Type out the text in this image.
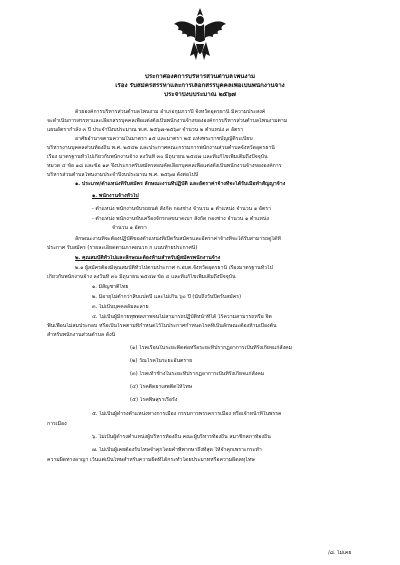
ประกาศองค์การบริหารส่วนตำบลโพนงาม
เรื่อง รับสมัครสรรหาและการเลือกสรรบุคคลเพื่อเป็นพนักงานจ้าง
ประจำปีงบประมาณ ๒๕๖๗
ด้วยองค์การบริหารส่วนตำบลโพนงาม อำเภอกุมภวาปี จังหวัดอุดรธานี มีความประสงค์
จะดำเนินการสรรหาและเลือกสรรบุคคลเพื่อแต่งตั้งเป็นพนักงานจ้างขององค์การบริหารส่วนตำบลโพนงามตาม
แผนอัตรากำลัง ๓ ปี ประจำปีงบประมาณ พ.ศ. ๒๕๖๗-๒๕๖๙ จำนวน ๒ ตำแหน่ง ๓ อัตรา
อาศัยอำนาจตามความในมาตรา ๑๕ และมาตรา ๒๕ แห่งพระราชบัญญัติระเบียบ
บริหารงานบุคคลส่วนท้องถิ่น พ.ศ. ๒๕๔๒ และประกาศคณะกรรมการพนักงานส่วนตำบลจังหวัดอุดรธานี
เรื่อง มาตรฐานทั่วไปเกี่ยวกับพนักงานจ้าง ลงวันที่ ๓๐ มิถุนายน ๒๕๔๗ และที่แก้ไขเพิ่มเติมถึงปัจจุบัน
หมวด ๔ ข้อ ๑๘ และข้อ ๑๙ จึงประกาศรับสมัครสอบคัดเลือกบุคคลเพื่อแต่งตั้งเป็นพนักงานจ้างขององค์การ
บริหารส่วนตำบลโพนงามประจำปีงบประมาณ พ.ศ. ๒๕๖๗ ดังต่อไปนี้
๑. ประเภท/ตำแหน่งที่รับสมัคร ลักษณะงานที่ปฏิบัติ และอัตราค่าจ้างที่จะได้รับเมื่อทำสัญญาจ้าง
๑. พนักงานจ้างทั่วไป
- ตำแหน่ง พนักงานขับรถยนต์ สังกัด กองช่าง จำนวน ๑ ตำแหน่ง จำนวน ๑ อัตรา
- ตำแหน่ง พนักงานขับเครื่องจักรกลขนาดเบา สังกัด กองช่าง จำนวน ๑ ตำแหน่ง
จำนวน ๑ อัตรา
ลักษณะงานที่จะต้องปฏิบัติของตำแหน่งที่เปิดรับสมัครและอัตราค่าจ้างที่จะได้รับสามารถดูได้ที่
ประกาศ รับสมัคร (รายละเอียดตามภาคผนวก ก แนบท้ายประกาศนี้)
๒. คุณสมบัติทั่วไปและลักษณะต้องห้ามสำหรับผู้สมัครพนักงานจ้าง
๒.๑ ผู้สมัครต้องมีคุณสมบัติทั่วไปตามประกาศ ก.อบต.จังหวัดอุดรธานี เรื่องมาตรฐานทั่วไป
เกี่ยวกับพนักงานจ้าง ลงวันที่ ๓๐ มิถุนายน ๒๕๔๗ ข้อ ๔ และที่แก้ไขเพิ่มเติมถึงปัจจุบัน
๑. มีสัญชาติไทย
๒. มีอายุไม่ต่ำกว่าสิบแปดปี และไม่เกิน ๖๐ ปี (นับถึงวันปิดรับสมัคร)
๓. ไม่เป็นบุคคลล้มละลาย
๔. ไม่เป็นผู้มีกายทุพพลภาพจนไม่สามารถปฏิบัติหน้าที่ได้ ไร้ความสามารถหรือ จิต
ฟั่นเฟือนไม่สมประกอบ หรือเป็นโรคตามที่กำหนดไว้ในประกาศกำหนดโรคที่เป็นลักษณะต้องห้ามเบื้องต้น
สำหรับพนักงานส่วนตำบล ดังนี้
(๑) โรคเรื้อนในระยะติดต่อหรือระยะที่ปรากฏอาการเป็นที่รังเกียจแก่สังคม
(๒) วัณโรคในระยะอันตราย
(๓) โรคเท้าช้างในระยะที่ปรากฏอาการเป็นที่รังเกียจแก่สังคม
(๔) โรคติดยาเสพติดให้โทษ
(๕) โรคพิษสุราเรื้อรัง
๕. ไม่เป็นผู้ดำรงตำแหน่งทางการเมือง กรรมการพรรคการเมือง หรือเจ้าหน้าที่ในพรรค
การเมือง
๖. ไม่เป็นผู้ดำรงตำแหน่งผู้บริหารท้องถิ่น คณะผู้บริหารท้องถิ่น สมาชิกสภาท้องถิ่น
๗. ไม่เป็นผู้เคยต้องรับโทษจำคุกโดยคำพิพากษาถึงที่สุด ให้จำคุกเพราะกระทำ
ความผิดทางอาญา เว้นแต่เป็นโทษสำหรับความผิดที่ได้กระทำโดยประมาทหรือความผิดลหุโทษ
/๘. ไม่เคย
